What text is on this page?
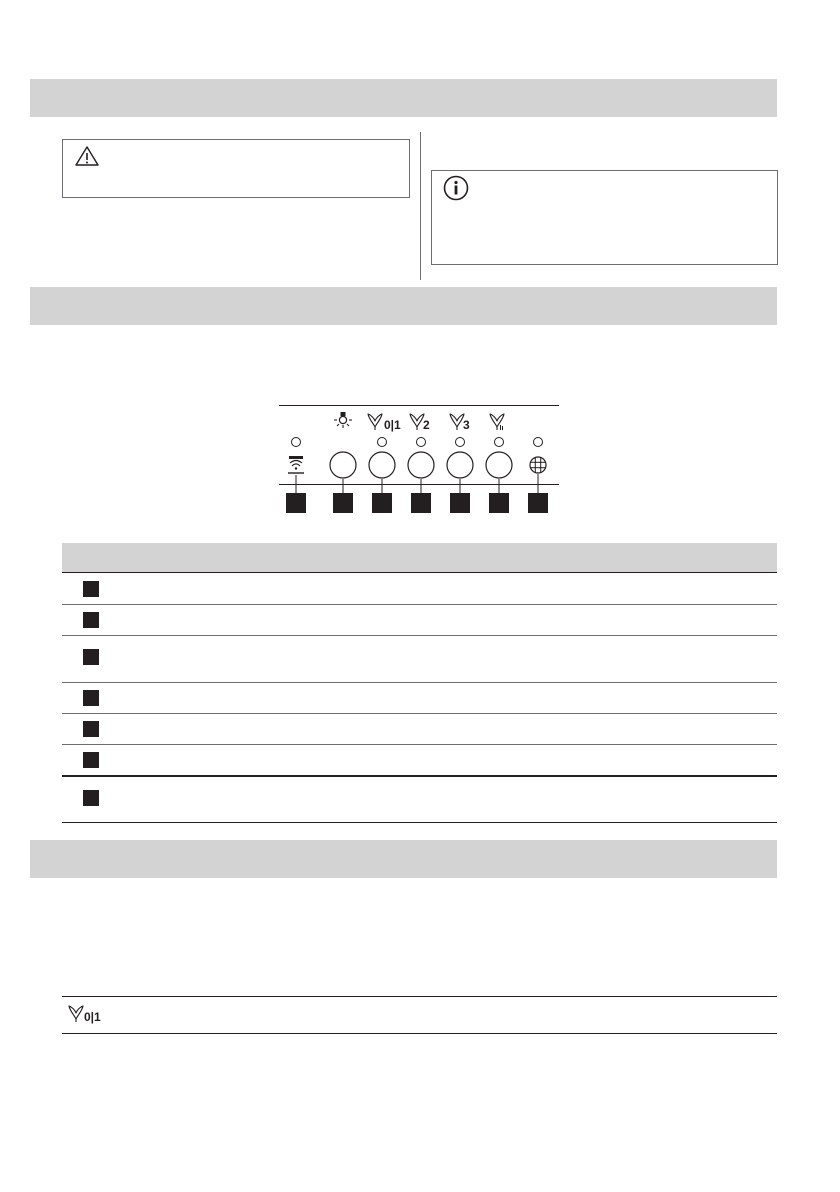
0|1 2	3
0|1
